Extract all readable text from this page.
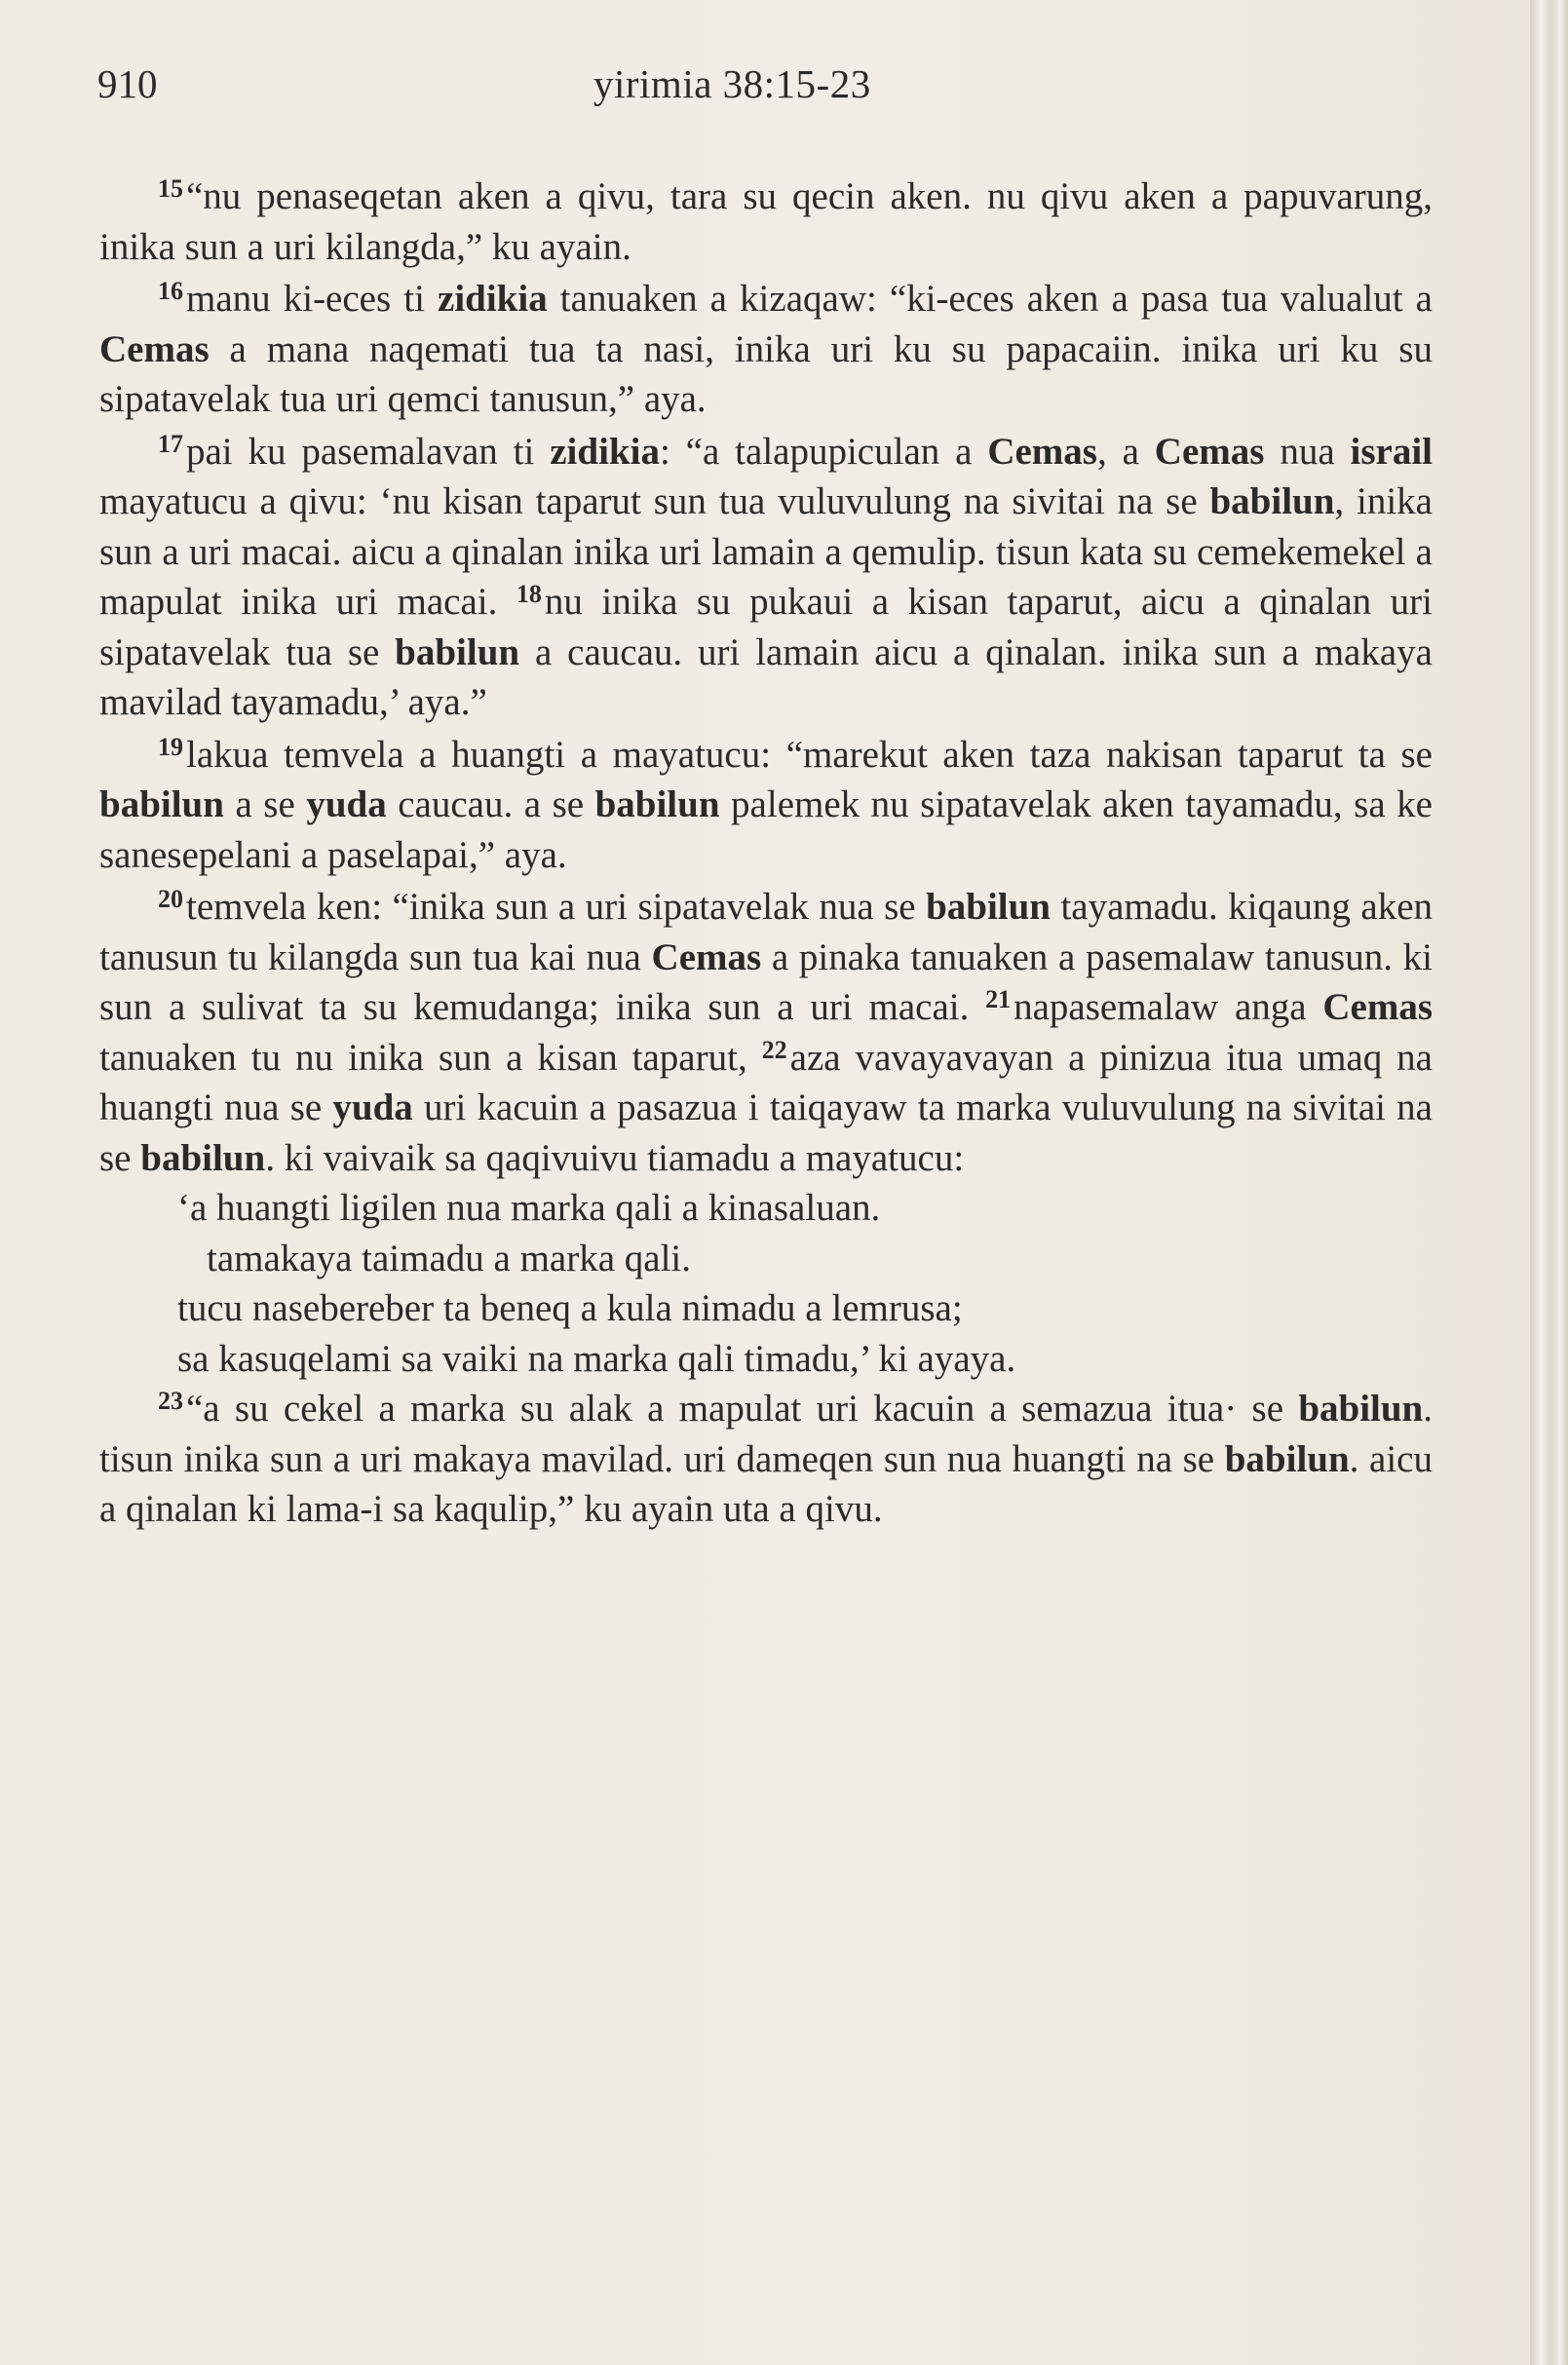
910	yirimia 38:15-23

$^{15}$“nu penaseqetan aken a qivu, tara su qecin aken. nu qivu aken a papuvarung, inika sun a uri kilangda,” ku ayain.

$^{16}$manu ki-eces ti zidikia tanuaken a kizaqaw: “ki-eces aken a pasa tua valualut a Cemas a mana naqemati tua ta nasi, inika uri ku su papacaiin. inika uri ku su sipatavelak tua uri qemci tanusun,” aya.

$^{17}$pai ku pasemalavan ti zidikia: “a talapupiculan a Cemas, a Cemas nua israil mayatucu a qivu: ‘nu kisan taparut sun tua vuluvulung na sivitai na se babilun, inika sun a uri macai. aicu a qinalan inika uri lamain a qemulip. tisun kata su cemekemekel a mapulat inika uri macai. $^{18}$nu inika su pukaui a kisan taparut, aicu a qinalan uri sipatavelak tua se babilun a caucau. uri lamain aicu a qinalan. inika sun a makaya mavilad tayamadu,’ aya.”

$^{19}$lakua temvela a huangti a mayatucu: “marekut aken taza nakisan taparut ta se babilun a se yuda caucau. a se babilun palemek nu sipatavelak aken tayamadu, sa ke sanesepelani a paselapai,” aya.

$^{20}$temvela ken: “inika sun a uri sipatavelak nua se babilun tayamadu. kiqaung aken tanusun tu kilangda sun tua kai nua Cemas a pinaka tanuaken a pasemalaw tanusun. ki sun a sulivat ta su kemudanga; inika sun a uri macai. $^{21}$napasemalaw anga Cemas tanuaken tu nu inika sun a kisan taparut, $^{22}$aza vavayavayan a pinizua itua umaq na huangti nua se yuda uri kacuin a pasazua i taiqayaw ta marka vuluvulung na sivitai na se babilun. ki vaivaik sa qaqivuivu tiamadu a mayatucu:

‘a huangti ligilen nua marka qali a kinasaluan.

tamakaya taimadu a marka qali.

tucu nasebereber ta beneq a kula nimadu a lemrusa;

sa kasuqelami sa vaiki na marka qali timadu,’ ki ayaya.

$^{23}$“a su cekel a marka su alak a mapulat uri kacuin a semazua itua· se babilun. tisun inika sun a uri makaya mavilad. uri dameqen sun nua huangti na se babilun. aicu a qinalan ki lama-i sa kaqulip,” ku ayain uta a qivu.
